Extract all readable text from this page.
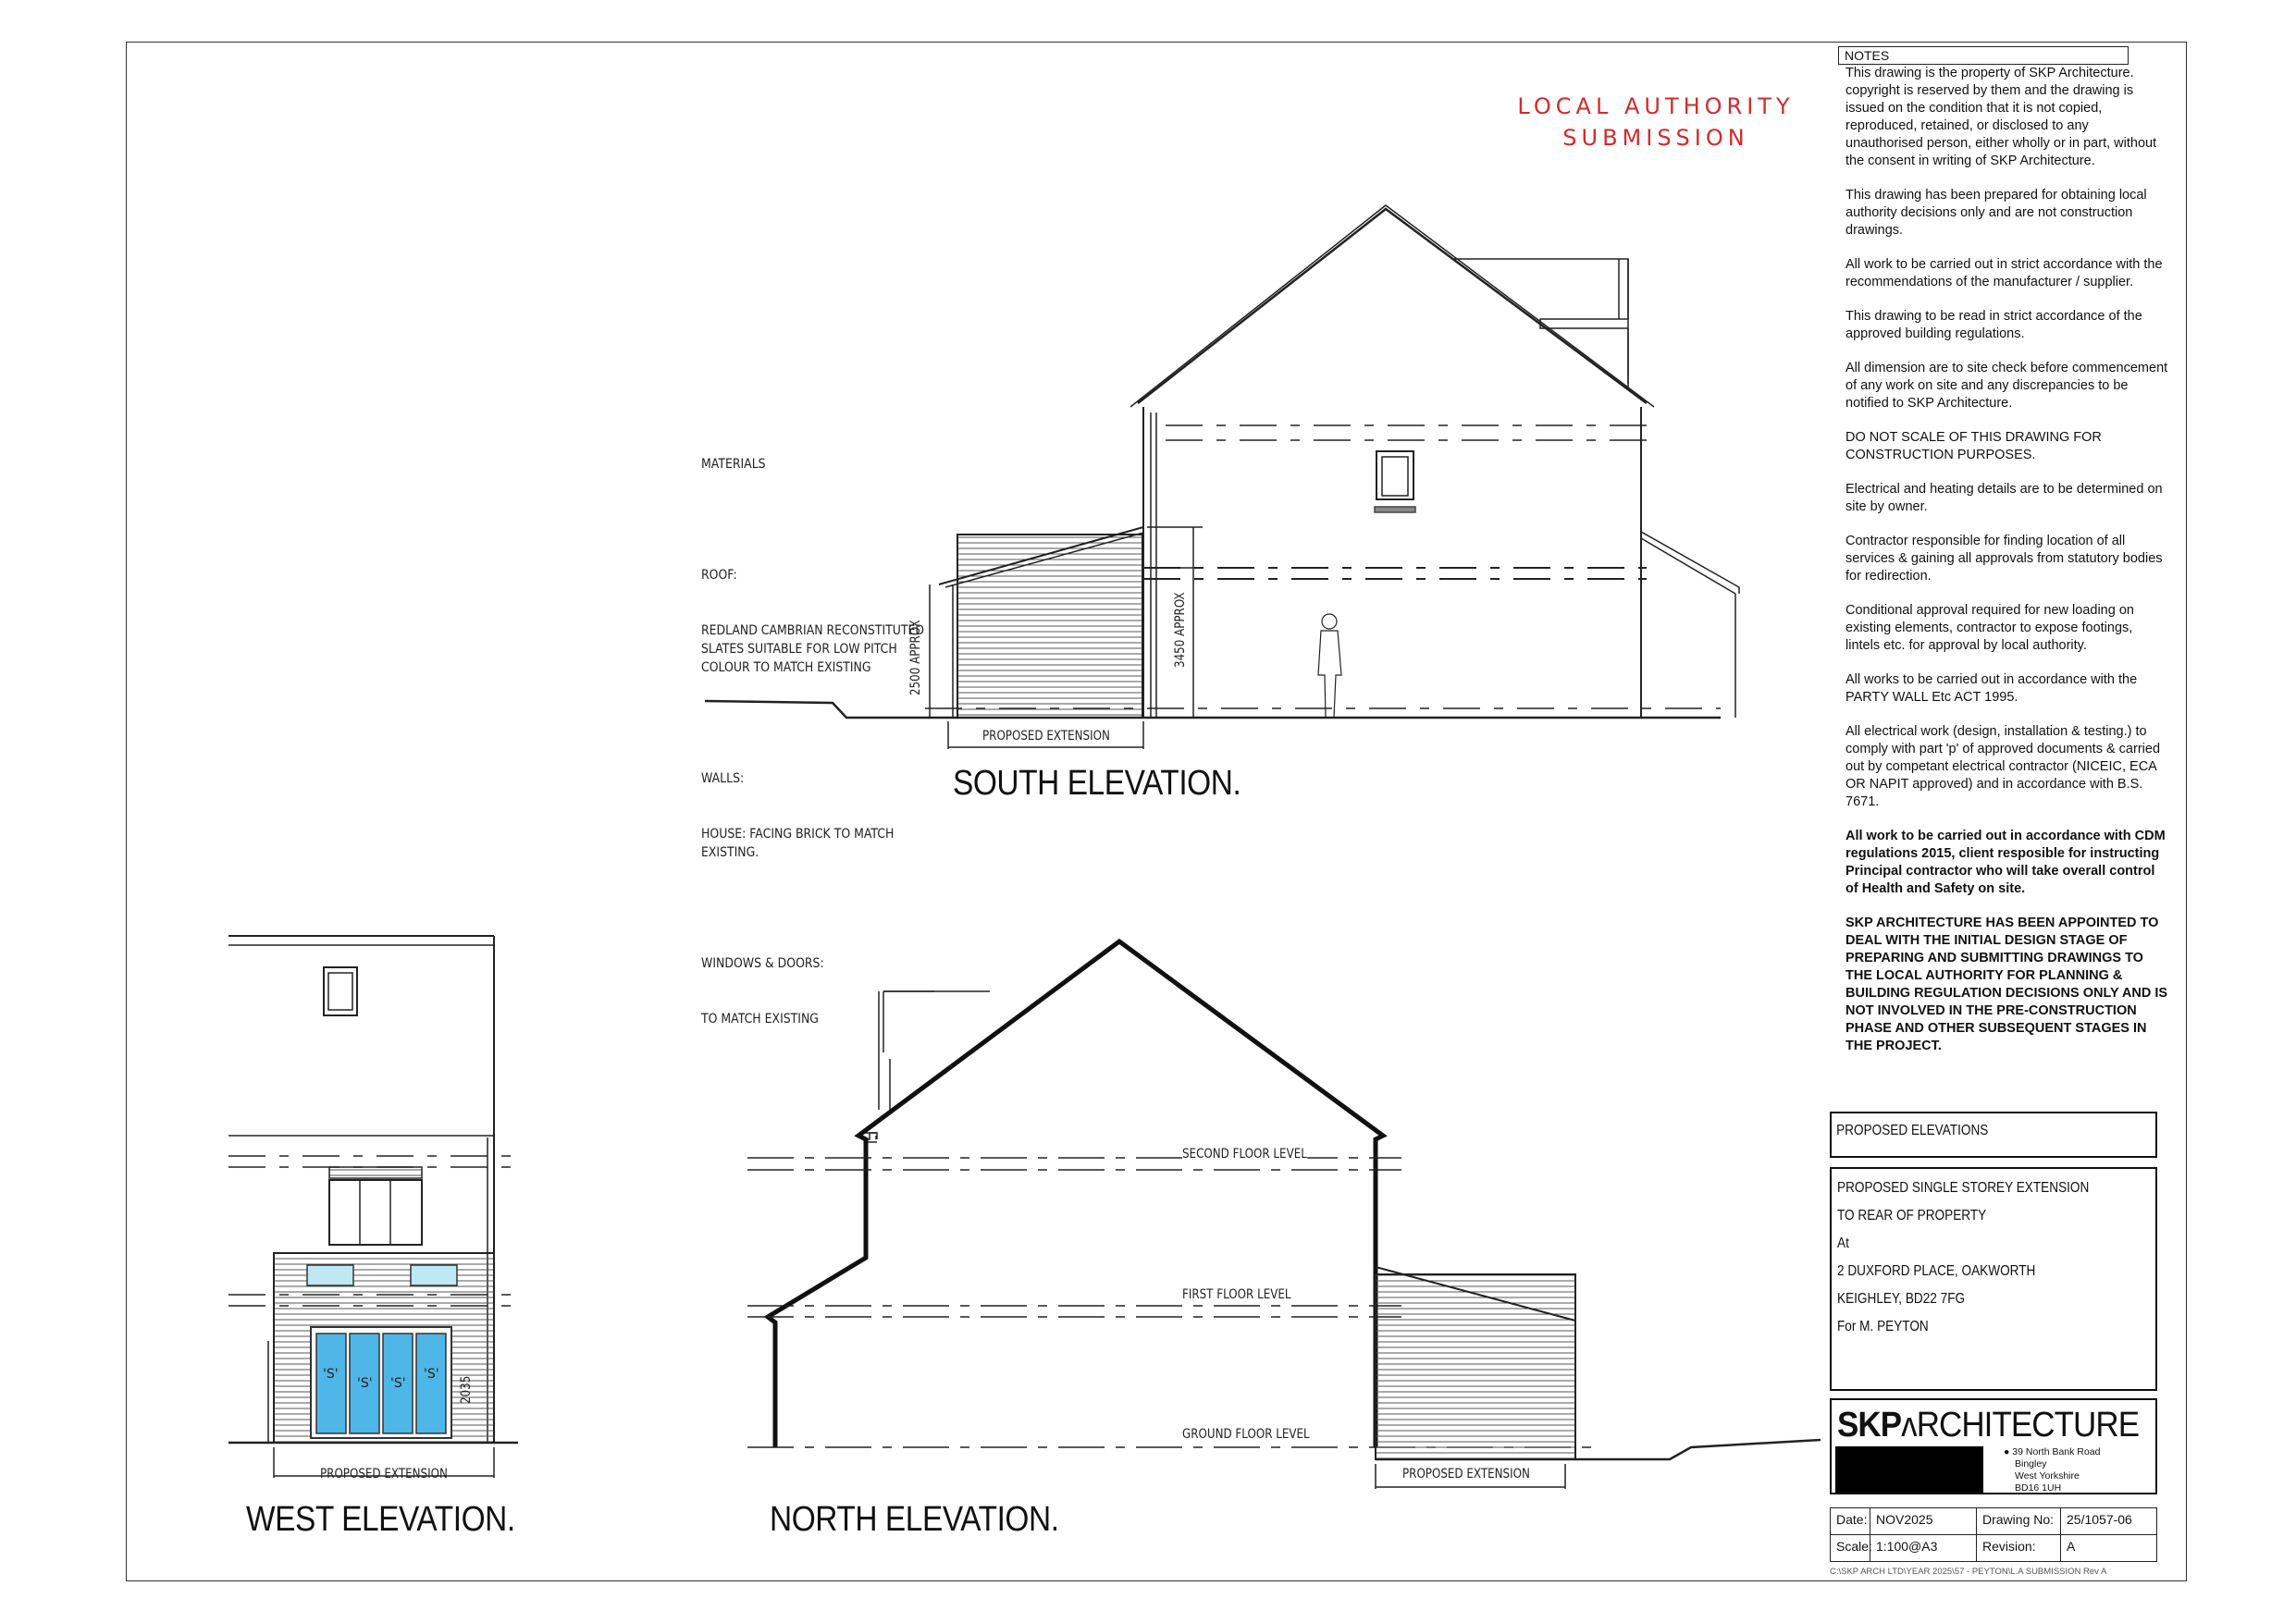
LOCAL AUTHORITY
SUBMISSION

MATERIALS

ROOF:

REDLAND CAMBRIAN RECONSTITUTED
SLATES SUITABLE FOR LOW PITCH
COLOUR TO MATCH EXISTING

WALLS:

HOUSE: FACING BRICK TO MATCH
EXISTING.

WINDOWS & DOORS:

TO MATCH EXISTING

2500 APPROX	3450 APPROX
PROPOSED EXTENSION
SOUTH ELEVATION.
'S'
'S' 'S'
'S'
2035
PROPOSED EXTENSION
WEST ELEVATION.
SECOND FLOOR LEVEL
FIRST FLOOR LEVEL
GROUND FLOOR LEVEL
PROPOSED EXTENSION
NORTH ELEVATION.
NOTES

This drawing is the property of SKP Architecture. copyright is reserved by them and the drawing is issued on the condition that it is not copied, reproduced, retained, or disclosed to any unauthorised person, either wholly or in part, without the consent in writing of SKP Architecture.

This drawing has been prepared for obtaining local authority decisions only and are not construction drawings.

All work to be carried out in strict accordance with the recommendations of the manufacturer / supplier.

This drawing to be read in strict accordance of the approved building regulations.

All dimension are to site check before commencement of any work on site and any discrepancies to be notified to SKP Architecture.

DO NOT SCALE OF THIS DRAWING FOR CONSTRUCTION PURPOSES.

Electrical and heating details are to be determined on site by owner.

Contractor responsible for finding location of all services & gaining all approvals from statutory bodies for redirection.

Conditional approval required for new loading on existing elements, contractor to expose footings, lintels etc. for approval by local authority.

All works to be carried out in accordance with the PARTY WALL Etc ACT 1995.

All electrical work (design, installation & testing.) to comply with part 'p' of approved documents & carried out by competant electrical contractor (NICEIC, ECA OR NAPIT approved) and in accordance with B.S. 7671.

All work to be carried out in accordance with CDM regulations 2015, client resposible for instructing Principal contractor who will take overall control of Health and Safety on site.

SKP ARCHITECTURE HAS BEEN APPOINTED TO DEAL WITH THE INITIAL DESIGN STAGE OF PREPARING AND SUBMITTING DRAWINGS TO THE LOCAL AUTHORITY FOR PLANNING & BUILDING REGULATION DECISIONS ONLY AND IS NOT INVOLVED IN THE PRE-CONSTRUCTION PHASE AND OTHER SUBSEQUENT STAGES IN THE PROJECT.

PROPOSED ELEVATIONS
PROPOSED SINGLE STOREY EXTENSION
TO REAR OF PROPERTY
At
2 DUXFORD PLACE, OAKWORTH
KEIGHLEY, BD22 7FG
For M. PEYTON
SKPʌRCHITECTURE
● 39 North Bank Road
Bingley
West Yorkshire
BD16 1UH
Date: NOV2025	Drawing No: 25/1057-06
Scale: 1:100@A3	Revision:	A
C:\SKP ARCH LTD\YEAR 2025\57 - PEYTON\L.A SUBMISSION Rev A
